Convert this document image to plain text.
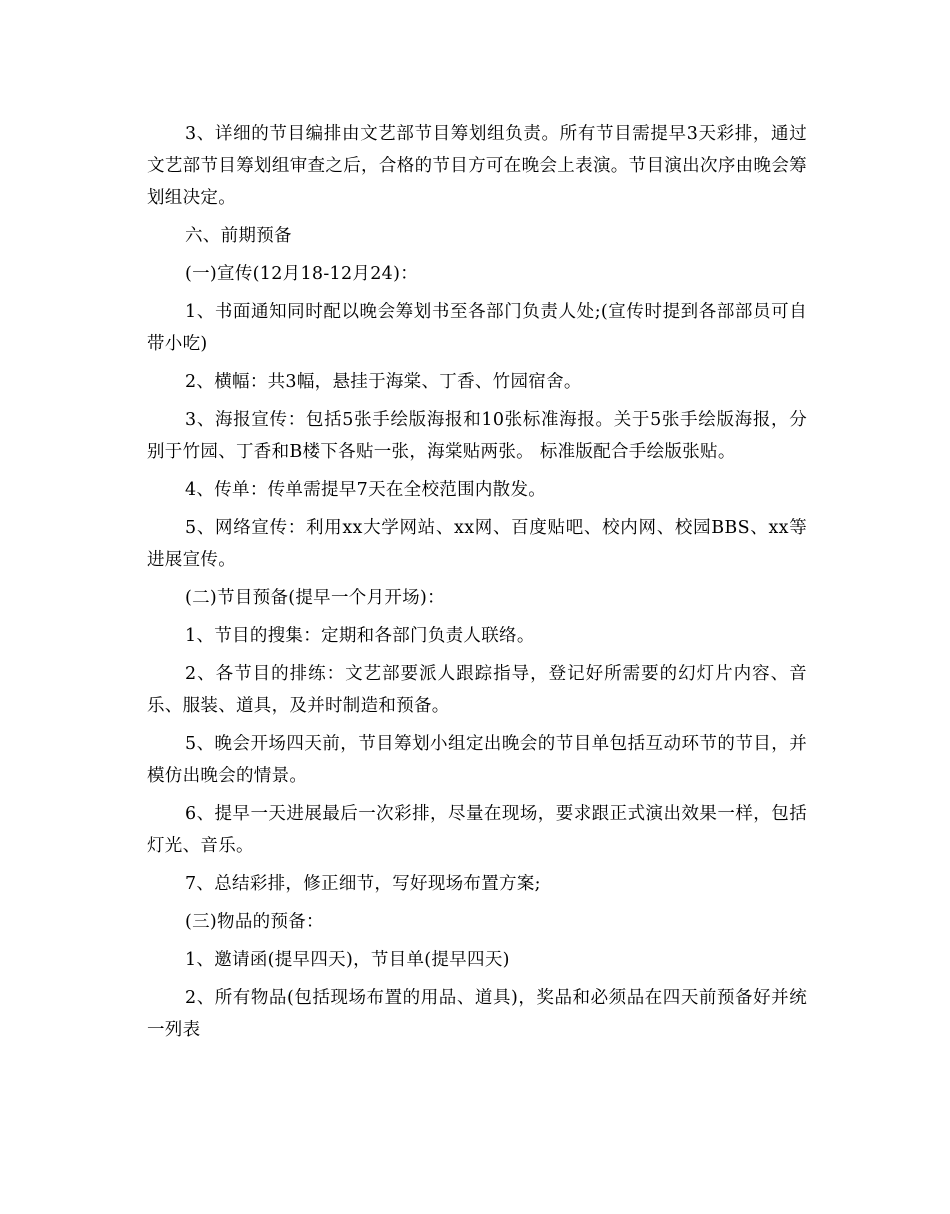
3、详细的节目编排由文艺部节目筹划组负责。所有节目需提早3天彩排，通过文艺部节目筹划组审查之后，合格的节目方可在晚会上表演。节目演出次序由晚会筹划组决定。

六、前期预备

(一)宣传(12月18-12月24)：

1、书面通知同时配以晚会筹划书至各部门负责人处;(宣传时提到各部部员可自带小吃)

2、横幅：共3幅，悬挂于海棠、丁香、竹园宿舍。

3、海报宣传：包括5张手绘版海报和10张标准海报。关于5张手绘版海报，分别于竹园、丁香和B楼下各贴一张，海棠贴两张。 标准版配合手绘版张贴。

4、传单：传单需提早7天在全校范围内散发。

5、网络宣传：利用xx大学网站、xx网、百度贴吧、校内网、校园BBS、xx等进展宣传。

(二)节目预备(提早一个月开场)：

1、节目的搜集：定期和各部门负责人联络。

2、各节目的排练：文艺部要派人跟踪指导，登记好所需要的幻灯片内容、音乐、服装、道具，及并时制造和预备。

5、晚会开场四天前，节目筹划小组定出晚会的节目单包括互动环节的节目，并模仿出晚会的情景。

6、提早一天进展最后一次彩排，尽量在现场，要求跟正式演出效果一样，包括灯光、音乐。

7、总结彩排，修正细节，写好现场布置方案;

(三)物品的预备：

1、邀请函(提早四天)，节目单(提早四天)

2、所有物品(包括现场布置的用品、道具)，奖品和必须品在四天前预备好并统一列表
